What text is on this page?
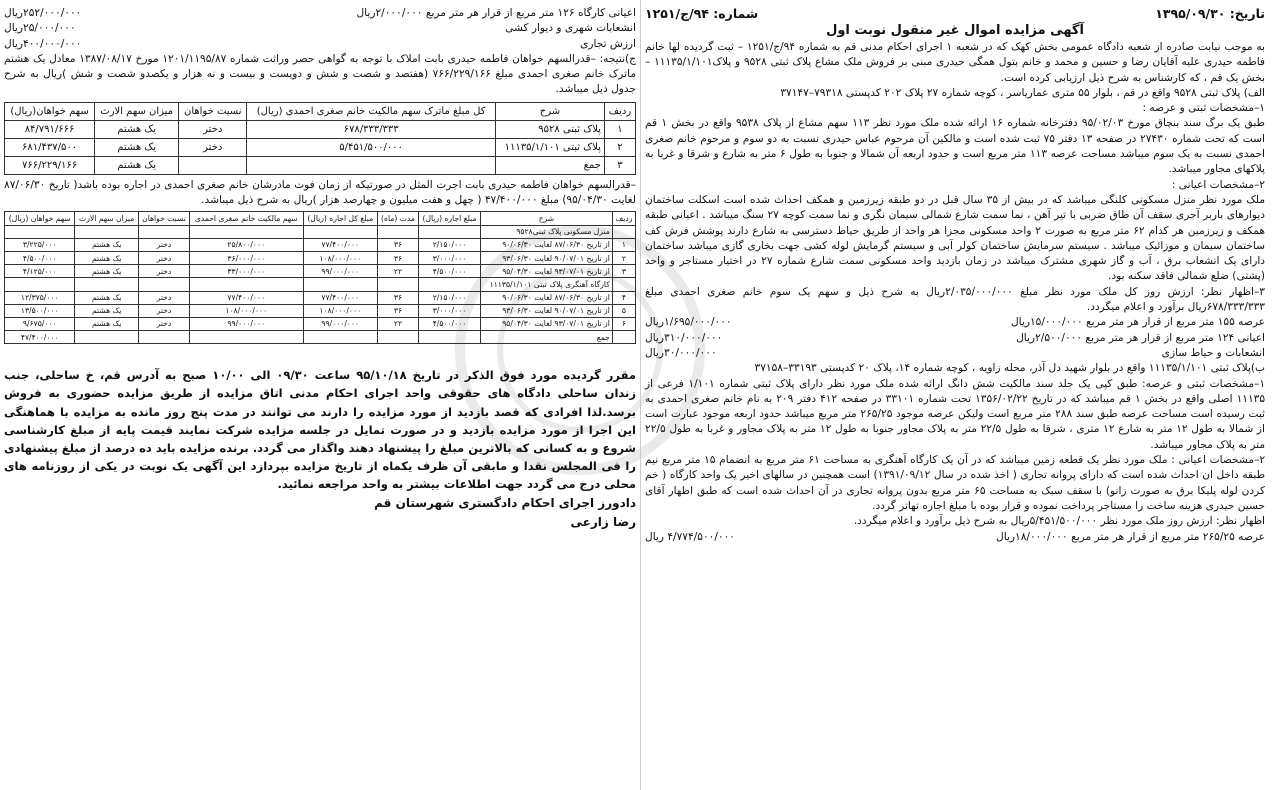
تاریخ: ۱۳۹۵/۰۹/۳۰
شماره: ۹۴/ج/۱۲۵۱
آگهی مزایده اموال غیر منقول نوبت اول

به موجب نیابت صادره از شعبه دادگاه عمومی بخش کهک که در شعبه ۱ اجرای احکام مدنی قم به شماره ۹۴/ج/۱۲۵۱ – ثبت گردیده لها خانم فاطمه حیدری علیه آقایان رضا و حسین و محمد و خانم بتول همگی حیدری مبنی بر فروش ملک مشاع پلاک ثبتی ۹۵۲۸ و پلاک۱۱۱۳۵/۱/۱۰۱ – بخش یک قم ، که کارشناس به شرح ذیل ارزیابی کرده است.

الف) پلاک ثبتی ۹۵۲۸ واقع در قم ، بلوار ۵۵ متری عماریاسر ، کوچه شماره ۲۷ پلاک ۲۰۲ کدپستی ۷۹۳۱۸–۳۷۱۴۷

۱–مشخصات ثبتی و عرصه :

طبق یک برگ سند بنچاق مورخ ۹۵/۰۲/۰۳ دفترخانه شماره ۱۶ ارائه شده ملک مورد نظر ۱۱۳ سهم مشاع از پلاک ۹۵۳۸ واقع در بخش ۱ قم است که تحت شماره ۲۷۴۳۰ در صفحه ۱۳ دفتر ۷۵ ثبت شده است و مالکین آن مرحوم عباس حیدری نسبت به دو سوم و مرحوم خانم صغری احمدی نسبت به یک سوم میباشد مساحت عرصه ۱۱۳ متر مربع است و حدود اربعه آن شمالا و جنوبا به طول ۶ متر به شارع و شرقا و غربا به پلاکهای مجاور میباشد.

۲–مشخصات اعیانی :

ملک مورد نظر منزل مسکونی کلنگی میباشد که در بیش از ۳۵ سال قبل در دو طبقه زیرزمین و همکف احداث شده است اسکلت ساختمان دیوارهای باربر آجری سقف آن طاق ضربی با تیر آهن ، نما سمت شارع شمالی سیمان نگری و نما سمت کوچه ۲۷ سنگ میباشد . اعیانی طبقه همکف و زیرزمین هر کدام ۶۲ متر مربع به صورت ۲ واحد مسکونی مجزا هر واحد از طریق حیاط دسترسی به شارع دارند پوشش فرش کف ساختمان سیمان و موزائیک میباشد . سیستم سرمایش ساختمان کولر آبی و سیستم گرمایش لوله کشی جهت بخاری گازی میباشد ساختمان دارای یک انشعاب برق ، آب و گاز شهری مشترک میباشد در زمان بازدید واحد مسکونی سمت شارع شماره ۲۷ در اختیار مستاجر و واحد (پشتی) ضلع شمالی فاقد سکنه بود.

۳–اظهار نظر: ارزش روز کل ملک مورد نظر مبلغ ۲/۰۳۵/۰۰۰/۰۰۰ریال به شرح ذیل و سهم یک سوم خانم صغری احمدی مبلغ ۶۷۸/۳۳۳/۳۳۳ریال برآورد و اعلام میگردد.

عرصه ۱۵۵ متر مربع از قرار هر متر مربع ۱۵/۰۰۰/۰۰۰ریال
۱/۶۹۵/۰۰۰/۰۰۰ریال
اعیانی ۱۲۴ متر مربع از قرار هر متر مربع ۲/۵۰۰/۰۰۰ریال
۳۱۰/۰۰۰/۰۰۰ریال
انشعابات و حیاط سازی
۳۰/۰۰۰/۰۰۰ریال

ب)پلاک ثبتی ۱۱۱۳۵/۱/۱۰۱ واقع در بلوار شهید دل آذر، محله زاویه ، کوچه شماره ۱۴، پلاک ۲۰ کدپستی ۳۳۱۹۳–۳۷۱۵۸

۱–مشخصات ثبتی و عرصه: طبق کپی یک جلد سند مالکیت شش دانگ ارائه شده ملک مورد نظر دارای پلاک ثبتی شماره ۱/۱۰۱ فرعی از ۱۱۱۳۵ اصلی واقع در بخش ۱ قم میباشد که در تاریخ ۱۳۵۶/۰۲/۲۲ تحت شماره ۳۳۱۰۱ در صفحه ۴۱۲ دفتر ۲۰۹ به نام خانم صغری احمدی به ثبت رسیده است مساحت عرصه طبق سند ۲۸۸ متر مربع است ولیکن عرصه موجود ۲۶۵/۲۵ متر مربع میباشد حدود اربعه موجود عبارت است از شمالا به طول ۱۲ متر به شارع ۱۲ متری ، شرقا به طول ۲۲/۵ متر به پلاک مجاور جنوبا به طول ۱۲ متر به پلاک مجاور و غربا به طول ۲۲/۵ متر به پلاک مجاور میباشد.

۲–مشخصات اعیانی : ملک مورد نظر یک قطعه زمین میباشد که در آن یک کارگاه آهنگری به مساحت ۶۱ متر مربع به انضمام ۱۵ متر مربع نیم طبقه داخل ان احداث شده است که دارای پروانه تجاری ( اخذ شده در سال ۱۳۹۱/۰۹/۱۲) است همچنین در سالهای اخیر یک واحد کارگاه ( خم کردن لوله پلیکا برق به صورت زانو) با سقف سبک به مساحت ۶۵ متر مربع بدون پروانه تجاری در آن احداث شده است که طبق اظهار آقای حسین حیدری هزینه ساخت را مستاجر پرداخت نموده و قرار بوده با مبلغ اجاره تهاتر گردد.

اظهار نظر: ارزش روز ملک مورد نظر ۵/۴۵۱/۵۰۰/۰۰۰ریال به شرح ذیل برآورد و اعلام میگردد.

عرصه ۲۶۵/۲۵ متر مربع از قرار هر متر مربع ۱۸/۰۰۰/۰۰۰ریال
۴/۷۷۴/۵۰۰/۰۰۰ ریال
اعیانی کارگاه ۱۲۶ متر مربع از قرار هر متر مربع ۲/۰۰۰/۰۰۰ریال
۲۵۲/۰۰۰/۰۰۰ریال
انشعابات شهری و دیوار کشی
۲۵/۰۰۰/۰۰۰ریال
ارزش تجاری
۴۰۰/۰۰۰/۰۰۰ریال

ج)نتیجه: –قدرالسهم خواهان فاطمه حیدری بابت املاک با توجه به گواهی حصر وراثت شماره ۱۲۰۱/۱۱۹۵/۸۷ مورخ ۱۳۸۷/۰۸/۱۷ معادل یک هشتم ماترک خانم صغری احمدی مبلغ ۷۶۶/۲۲۹/۱۶۶ (هفتصد و شصت و شش و دویست و بیست و نه هزار و یکصدو شصت و شش )ریال به شرح جدول ذیل میباشد.

ردیف	شرح	کل مبلغ ماترک سهم مالکیت خانم صغری احمدی (ریال)	نسبت خواهان	میزان سهم الارث	سهم خواهان(ریال)
۱	پلاک ثبتی ۹۵۲۸	۶۷۸/۳۳۳/۳۳۳	دختر	یک هشتم	۸۴/۷۹۱/۶۶۶
۲	پلاک ثبتی ۱۱۱۳۵/۱/۱۰۱	۵/۴۵۱/۵۰۰/۰۰۰	دختر	یک هشتم	۶۸۱/۴۳۷/۵۰۰
۳	جمع			یک هشتم	۷۶۶/۲۲۹/۱۶۶

–قدرالسهم خواهان فاطمه حیدری بابت اجرت المثل در صورتیکه از زمان فوت مادرشان خانم صغری احمدی در اجاره بوده باشد( تاریخ ۸۷/۰۶/۳۰ لغایت ۹۵/۰۴/۳۰) مبلغ ۴۷/۴۰۰/۰۰۰ ( چهل و هفت میلیون و چهارصد هزار )ریال به شرح ذیل میباشد.

ردیف	شرح	مبلغ اجاره (ریال)	مدت (ماه)	مبلغ کل اجاره (ریال)	سهم مالکیت خانم صغری احمدی	نسبت خواهان	میزان سهم الارث	سهم خواهان (ریال)
	منزل مسکونی پلاک ثبتی۹۵۲۸							
۱	از تاریخ ۸۷/۰۶/۳۰ لغایت ۹۰/۰۶/۳۰	۲/۱۵۰/۰۰۰	۳۶	۷۷/۴۰۰/۰۰۰	۲۵/۸۰۰/۰۰۰	دختر	یک هشتم	۳/۲۲۵/۰۰۰
۲	از تاریخ ۹۰/۰۷/۰۱ لغایت ۹۳/۰۶/۳۰	۳/۰۰۰/۰۰۰	۳۶	۱۰۸/۰۰۰/۰۰۰	۳۶/۰۰۰/۰۰۰	دختر	یک هشتم	۴/۵۰۰/۰۰۰
۳	از تاریخ ۹۳/۰۷/۰۱ لغایت ۹۵/۰۴/۳۰	۴/۵۰۰/۰۰۰	۲۲	۹۹/۰۰۰/۰۰۰	۳۳/۰۰۰/۰۰۰	دختر	یک هشتم	۴/۱۲۵/۰۰۰
	کارگاه آهنگری پلاک ثبتی ۱۱۱۳۵/۱/۱۰۱							
۴	از تاریخ ۸۷/۰۶/۳۰ لغایت ۹۰/۰۶/۳۰	۲/۱۵۰/۰۰۰	۳۶	۷۷/۴۰۰/۰۰۰	۷۷/۴۰۰/۰۰۰	دختر	یک هشتم	۱۲/۳۷۵/۰۰۰
۵	از تاریخ ۹۰/۰۷/۰۱ لغایت ۹۳/۰۶/۳۰	۳/۰۰۰/۰۰۰	۳۶	۱۰۸/۰۰۰/۰۰۰	۱۰۸/۰۰۰/۰۰۰	دختر	یک هشتم	۱۳/۵۰۰/۰۰۰
۶	از تاریخ ۹۳/۰۷/۰۱ لغایت ۹۵/۰۴/۳۰	۴/۵۰۰/۰۰۰	۲۲	۹۹/۰۰۰/۰۰۰	۹۹/۰۰۰/۰۰۰	دختر	یک هشتم	۹/۶۷۵/۰۰۰
	جمع							۴۷/۴۰۰/۰۰۰

مقرر گردیده مورد فوق الذکر در تاریخ ۹۵/۱۰/۱۸ ساعت ۰۹/۳۰ الی ۱۰/۰۰ صبح به آدرس قم، خ ساحلی، جنب زندان ساحلی دادگاه های حقوقی واحد اجرای احکام مدنی اتاق مزایده از طریق مزایده حضوری به فروش برسد.لذا افرادی که قصد بازدید از مورد مزایده را دارند می توانند در مدت پنج روز مانده به مزایده با هماهنگی این اجرا از مورد مزایده بازدید و در صورت تمایل در جلسه مزایده شرکت نمایند قیمت پایه از مبلغ کارشناسی شروع و به کسانی که بالاترین مبلغ را پیشنهاد دهند واگذار می گردد. برنده مزایده باید ده درصد از مبلغ پیشنهادی را فی المجلس نقدا و مابقی آن ظرف یکماه از تاریخ مزایده بپردازد این آگهی یک نوبت در یکی از روزنامه های محلی درج می گردد جهت اطلاعات بیشتر به واحد مراجعه نمائید.

دادورز اجرای احکام دادگستری شهرستان قم
رضا زارعی
